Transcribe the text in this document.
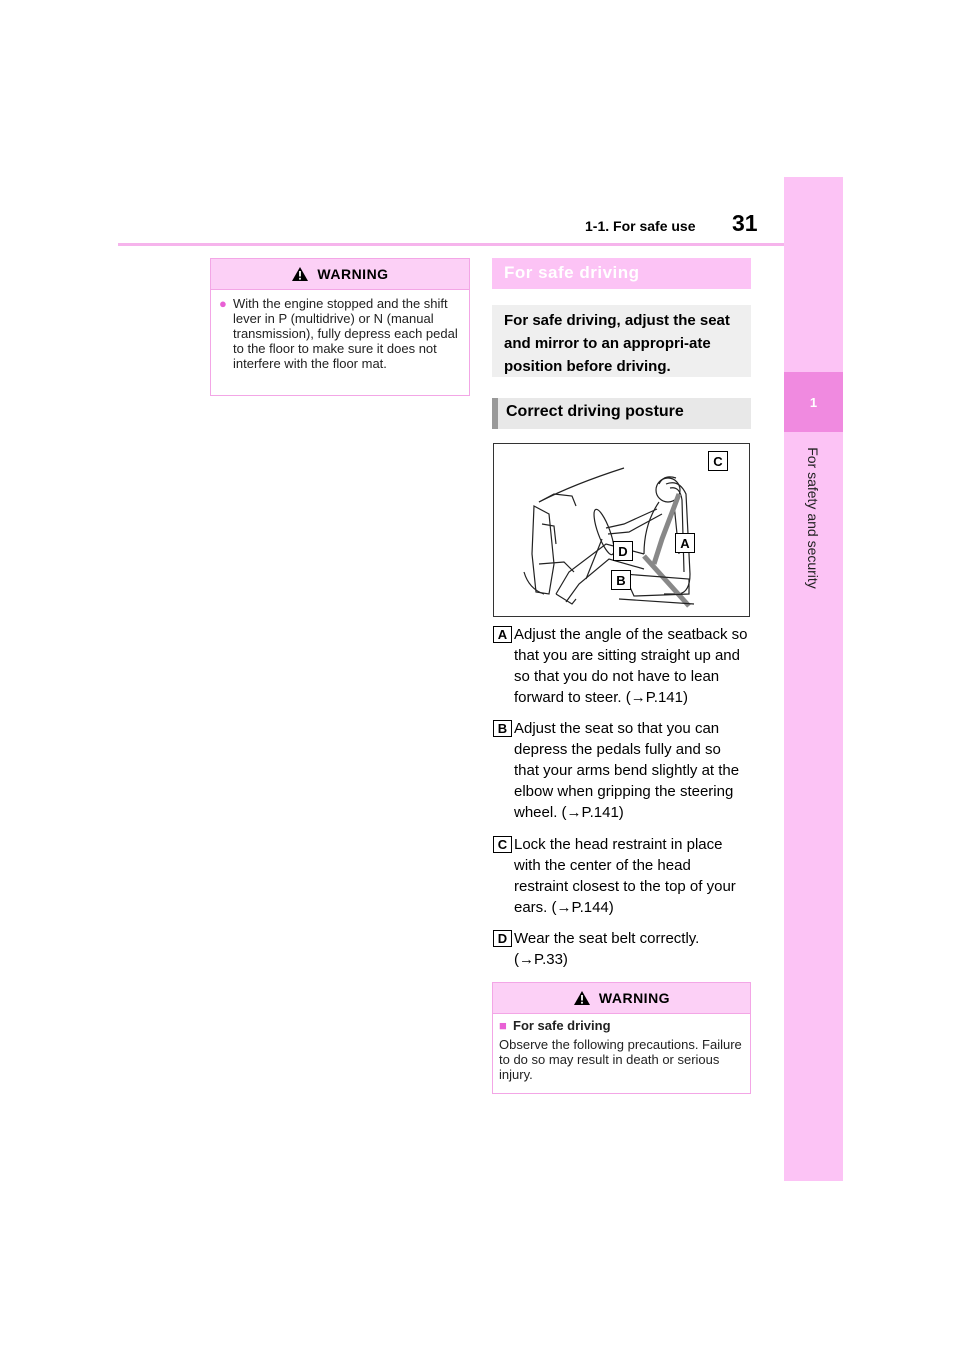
1-1. For safe use 31
1
For safety and security
WARNING
● With the engine stopped and the shift lever in P (multidrive) or N (manual transmission), fully depress each pedal to the floor to make sure it does not interfere with the floor mat.
For safe driving
For safe driving, adjust the seat and mirror to an appropri-ate position before driving.
Correct driving posture
C
A
D
B
A Adjust the angle of the seatback so that you are sitting straight up and so that you do not have to lean forward to steer. (→P.141)
B Adjust the seat so that you can depress the pedals fully and so that your arms bend slightly at the elbow when gripping the steering wheel. (→P.141)
C Lock the head restraint in place with the center of the head restraint closest to the top of your ears. (→P.144)
D Wear the seat belt correctly. (→P.33)
WARNING
■ For safe driving
Observe the following precautions. Failure to do so may result in death or serious injury.
